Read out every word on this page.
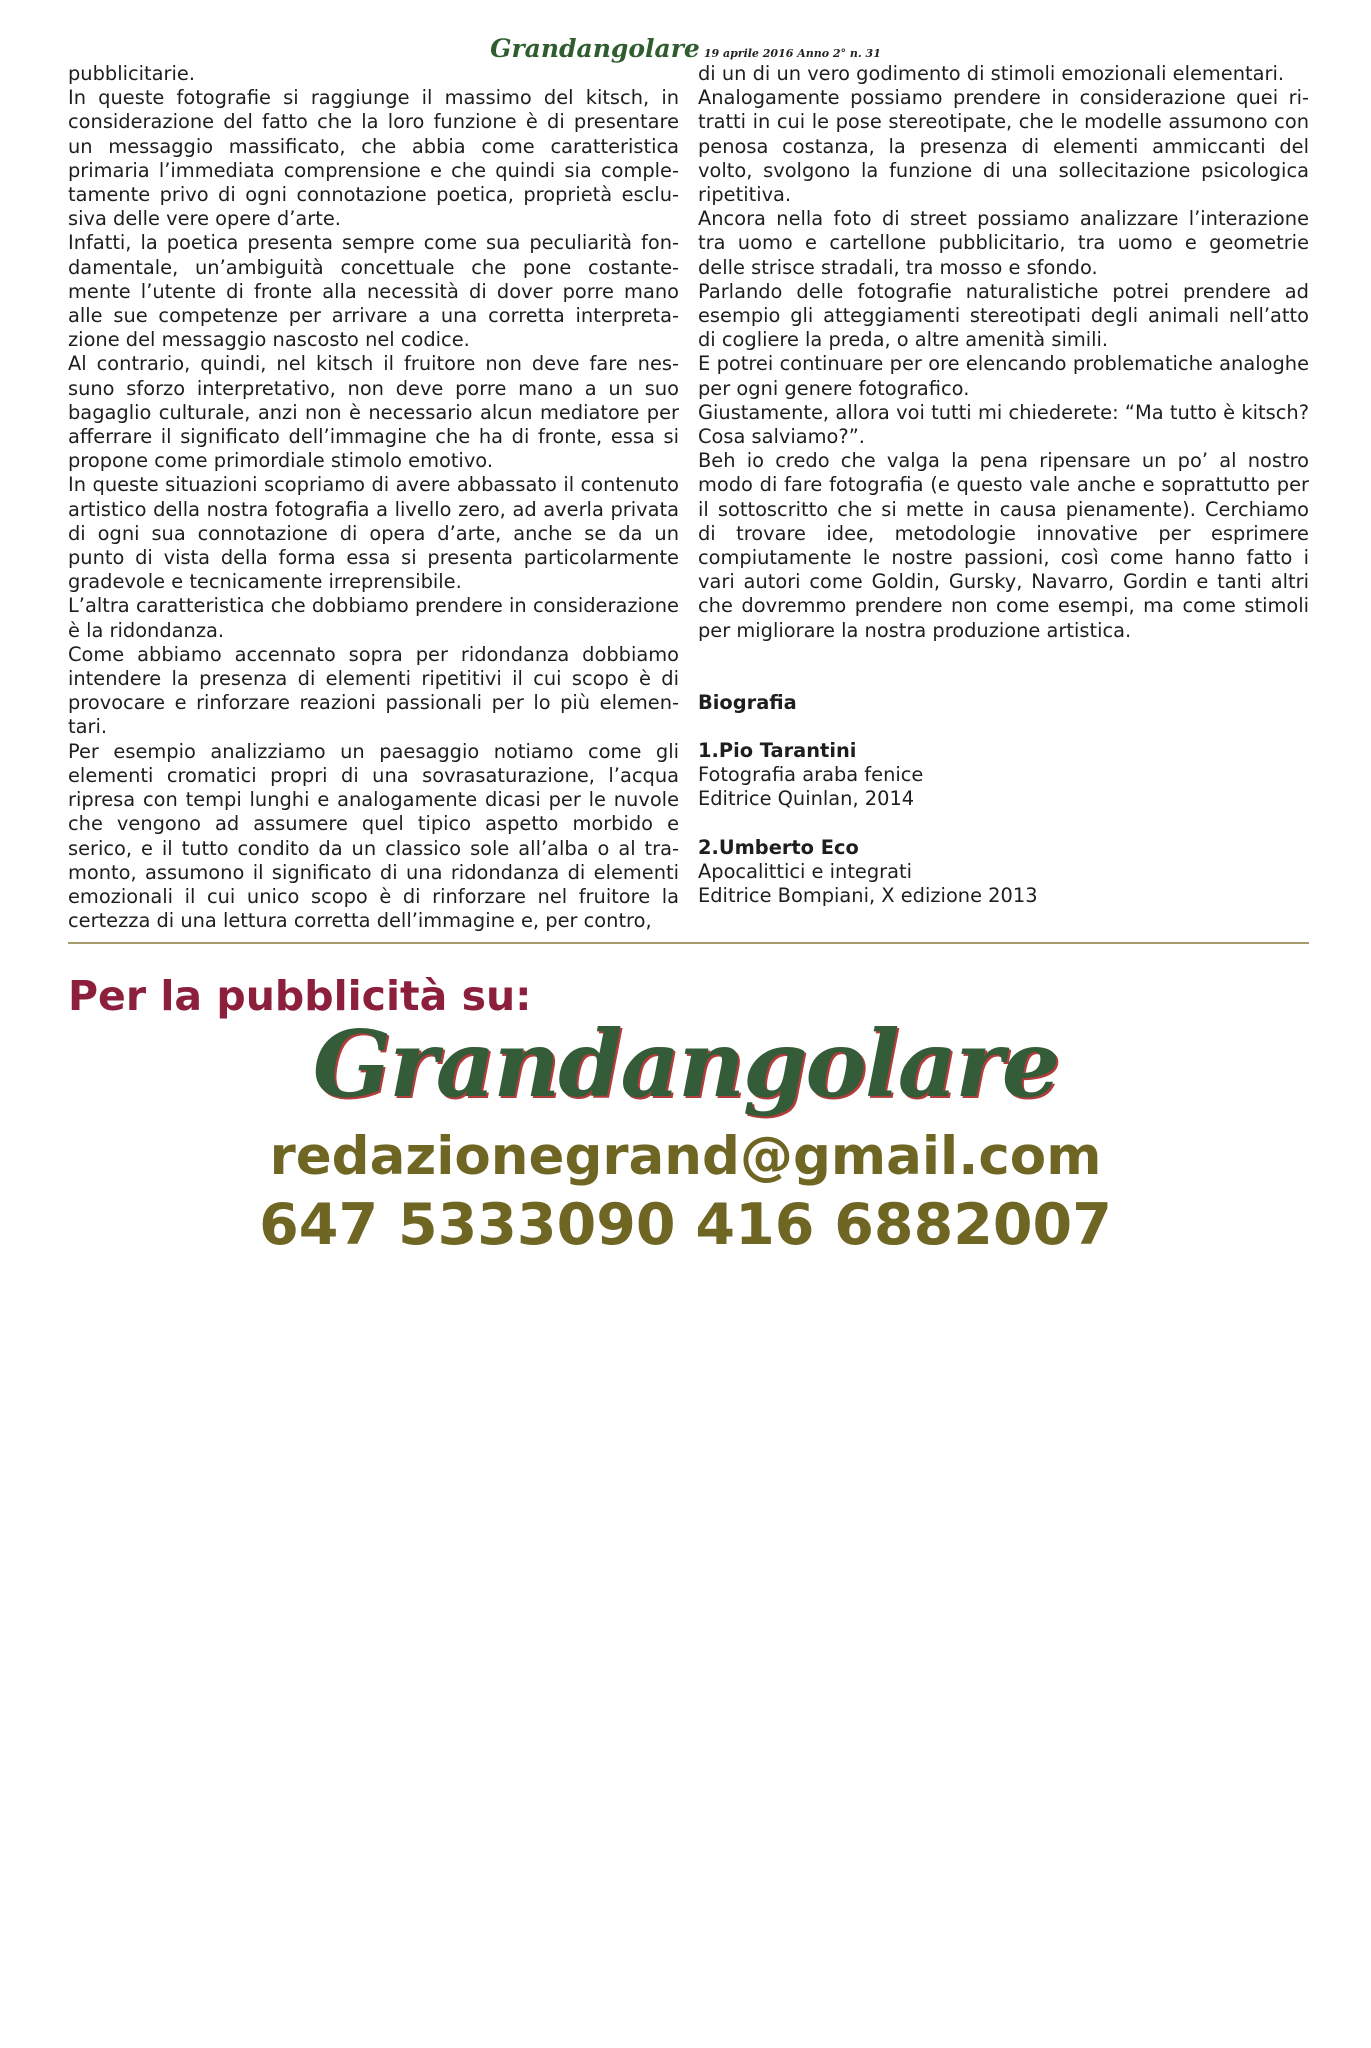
Grandangolare 19 aprile 2016 Anno 2° n. 31

pubblicitarie.

In queste fotografie si raggiunge il massimo del kitsch, in considerazione del fatto che la loro funzione è di presentare un messaggio massificato, che abbia come caratteristica primaria l’immediata comprensione e che quindi sia completamente privo di ogni connotazione poetica, proprietà esclusiva delle vere opere d’arte.

Infatti, la poetica presenta sempre come sua peculiarità fondamentale, un’ambiguità concettuale che pone costantemente l’utente di fronte alla necessità di dover porre mano alle sue competenze per arrivare a una corretta interpretazione del messaggio nascosto nel codice.

Al contrario, quindi, nel kitsch il fruitore non deve fare nessuno sforzo interpretativo, non deve porre mano a un suo bagaglio culturale, anzi non è necessario alcun mediatore per afferrare il significato dell’immagine che ha di fronte, essa si propone come primordiale stimolo emotivo.

In queste situazioni scopriamo di avere abbassato il contenuto artistico della nostra fotografia a livello zero, ad averla privata di ogni sua connotazione di opera d’arte, anche se da un punto di vista della forma essa si presenta particolarmente gradevole e tecnicamente irreprensibile.

L’altra caratteristica che dobbiamo prendere in considerazione è la ridondanza.

Come abbiamo accennato sopra per ridondanza dobbiamo intendere la presenza di elementi ripetitivi il cui scopo è di provocare e rinforzare reazioni passionali per lo più elementari.

Per esempio analizziamo un paesaggio notiamo come gli elementi cromatici propri di una sovrasaturazione, l’acqua ripresa con tempi lunghi e analogamente dicasi per le nuvole che vengono ad assumere quel tipico aspetto morbido e serico, e il tutto condito da un classico sole all’alba o al tramonto, assumono il significato di una ridondanza di elementi emozionali il cui unico scopo è di rinforzare nel fruitore la certezza di una lettura corretta dell’immagine e, per contro,

di un di un vero godimento di stimoli emozionali elementari.

Analogamente possiamo prendere in considerazione quei ritratti in cui le pose stereotipate, che le modelle assumono con penosa costanza, la presenza di elementi ammiccanti del volto, svolgono la funzione di una sollecitazione psicologica ripetitiva.

Ancora nella foto di street possiamo analizzare l’interazione tra uomo e cartellone pubblicitario, tra uomo e geometrie delle strisce stradali, tra mosso e sfondo.

Parlando delle fotografie naturalistiche potrei prendere ad esempio gli atteggiamenti stereotipati degli animali nell’atto di cogliere la preda, o altre amenità simili.

E potrei continuare per ore elencando problematiche analoghe per ogni genere fotografico.

Giustamente, allora voi tutti mi chiederete: “Ma tutto è kitsch? Cosa salviamo?”.

Beh io credo che valga la pena ripensare un po’ al nostro modo di fare fotografia (e questo vale anche e soprattutto per il sottoscritto che si mette in causa pienamente). Cerchiamo di trovare idee, metodologie innovative per esprimere compiutamente le nostre passioni, così come hanno fatto i vari autori come Goldin, Gursky, Navarro, Gordin e tanti altri che dovremmo prendere non come esempi, ma come stimoli per migliorare la nostra produzione artistica.

Biografia

1.Pio Tarantini

Fotografia araba fenice

Editrice Quinlan, 2014

2.Umberto Eco

Apocalittici e integrati

Editrice Bompiani, X edizione 2013

Per la pubblicità su:
Grandangolare
redazionegrand@gmail.com
647 5333090 416 6882007
